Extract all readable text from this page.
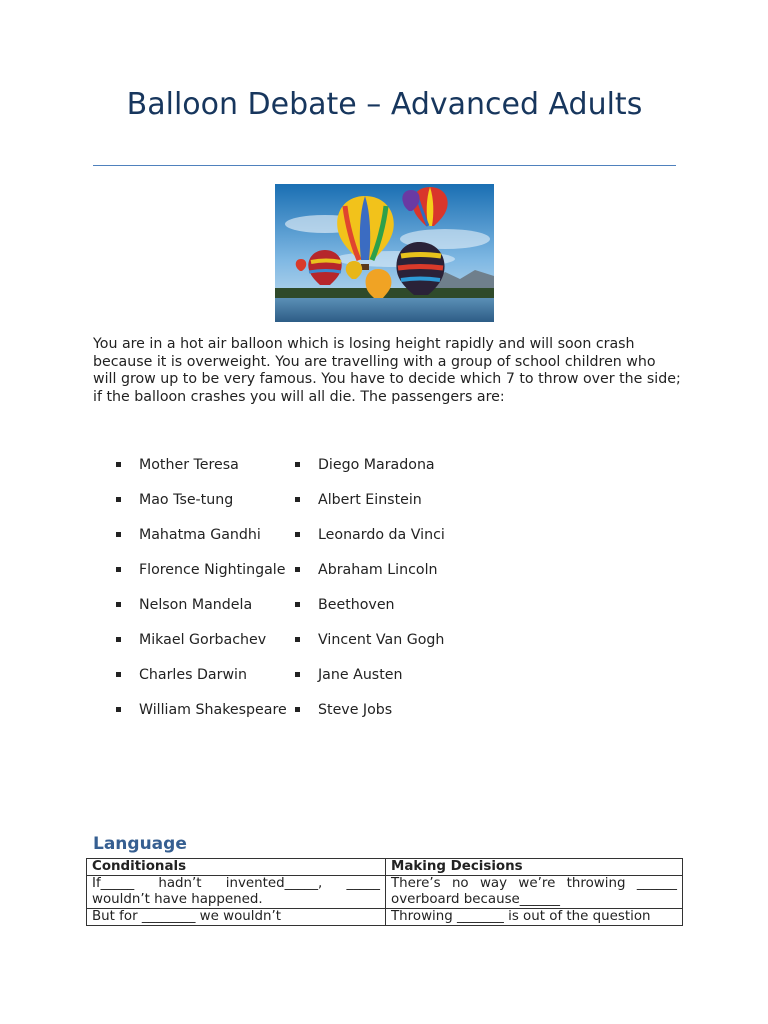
Balloon Debate – Advanced Adults

You are in a hot air balloon which is losing height rapidly and will soon crash because it is overweight. You are travelling with a group of school children who will grow up to be very famous. You have to decide which 7 to throw over the side; if the balloon crashes you will all die. The passengers are:

Mother Teresa
Mao Tse-tung
Mahatma Gandhi
Florence Nightingale
Nelson Mandela
Mikael Gorbachev
Charles Darwin
William Shakespeare
Diego Maradona
Albert Einstein
Leonardo da Vinci
Abraham Lincoln
Beethoven
Vincent Van Gogh
Jane Austen
Steve Jobs
Language
Conditionals	Making Decisions
If_____ hadn’t invented_____, _____ wouldn’t have happened.	There’s no way we’re throwing ______ overboard because______
But for ________ we wouldn’t	Throwing _______ is out of the question
